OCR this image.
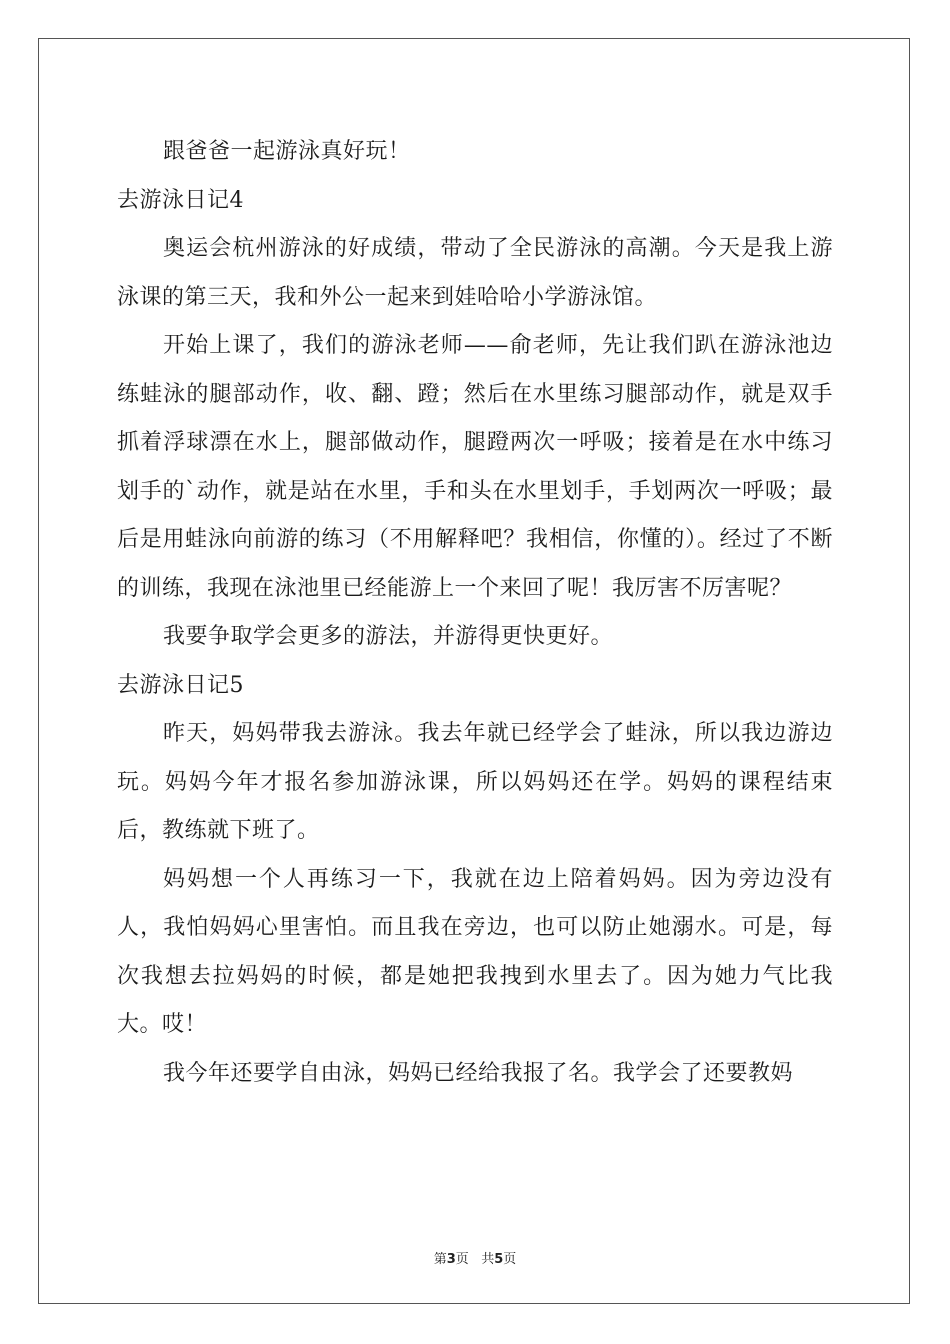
跟爸爸一起游泳真好玩！

去游泳日记4

奥运会杭州游泳的好成绩，带动了全民游泳的高潮。今天是我上游泳课的第三天，我和外公一起来到娃哈哈小学游泳馆。

开始上课了，我们的游泳老师——俞老师，先让我们趴在游泳池边练蛙泳的腿部动作，收、翻、蹬；然后在水里练习腿部动作，就是双手抓着浮球漂在水上，腿部做动作，腿蹬两次一呼吸；接着是在水中练习划手的`动作，就是站在水里，手和头在水里划手，手划两次一呼吸；最后是用蛙泳向前游的练习（不用解释吧？我相信，你懂的）。经过了不断的训练，我现在泳池里已经能游上一个来回了呢！我厉害不厉害呢？

我要争取学会更多的游法，并游得更快更好。

去游泳日记5

昨天，妈妈带我去游泳。我去年就已经学会了蛙泳，所以我边游边玩。妈妈今年才报名参加游泳课，所以妈妈还在学。妈妈的课程结束后，教练就下班了。

妈妈想一个人再练习一下，我就在边上陪着妈妈。因为旁边没有人，我怕妈妈心里害怕。而且我在旁边，也可以防止她溺水。可是，每次我想去拉妈妈的时候，都是她把我拽到水里去了。因为她力气比我大。哎！

我今年还要学自由泳，妈妈已经给我报了名。我学会了还要教妈

第3页 共5页
